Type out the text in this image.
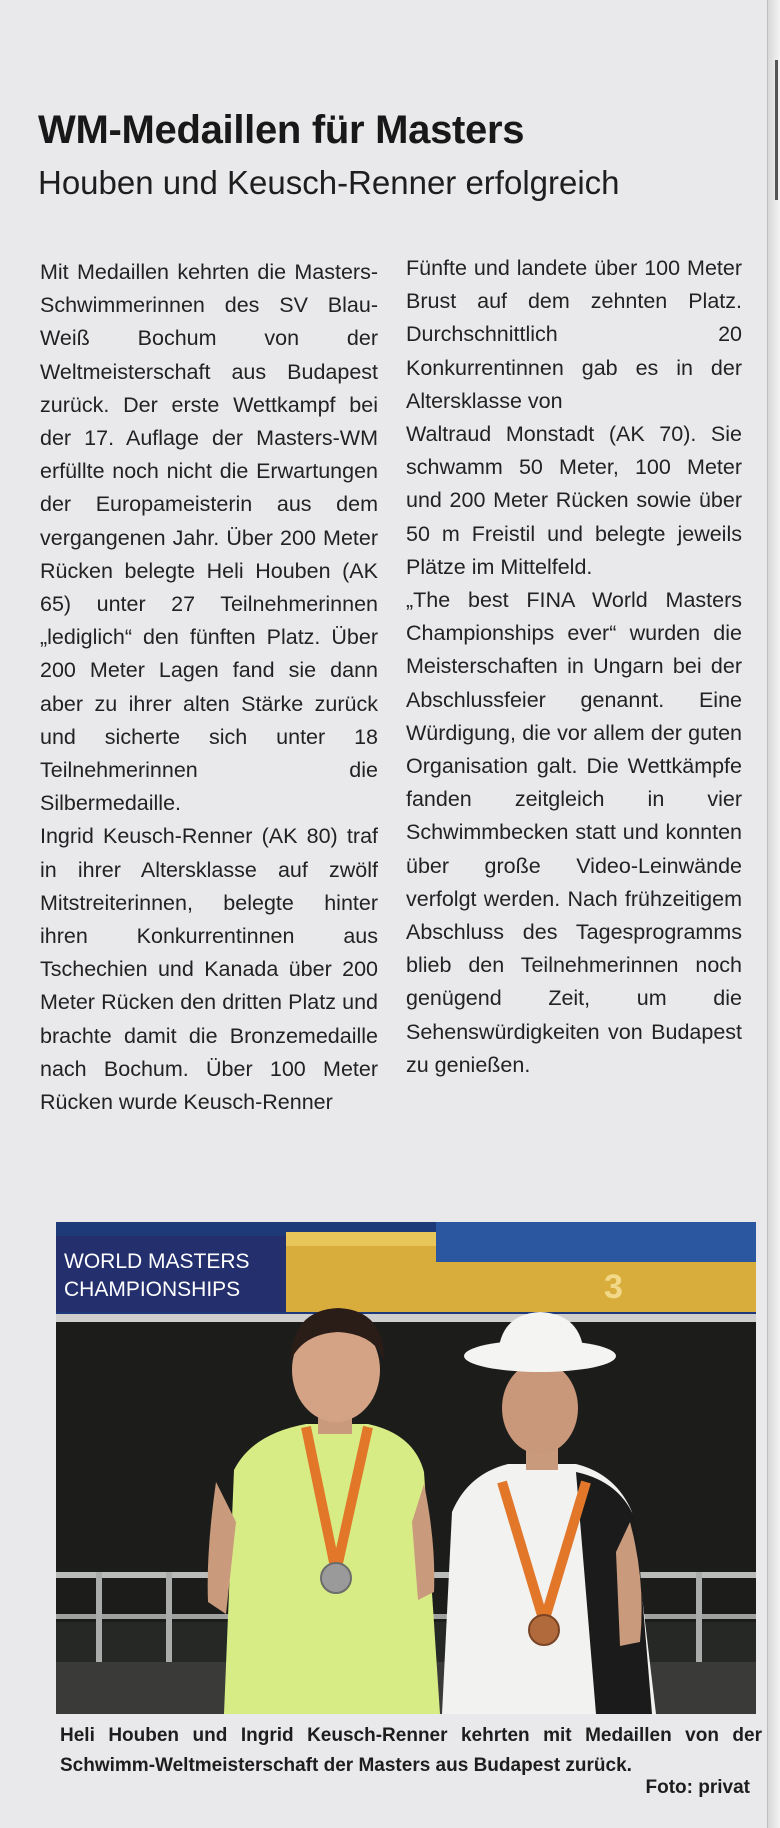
WM-Medaillen für Masters
Houben und Keusch-Renner erfolgreich

Mit Medaillen kehrten die Masters-Schwimmerinnen des SV Blau-Weiß Bochum von der Weltmeisterschaft aus Budapest zurück. Der erste Wettkampf bei der 17. Auflage der Masters-WM erfüllte noch nicht die Erwartungen der Europameisterin aus dem vergangenen Jahr. Über 200 Meter Rücken belegte Heli Houben (AK 65) unter 27 Teilnehmerinnen „lediglich“ den fünften Platz. Über 200 Meter Lagen fand sie dann aber zu ihrer alten Stärke zurück und sicherte sich unter 18 Teilnehmerinnen die Silbermedaille.

Ingrid Keusch-Renner (AK 80) traf in ihrer Altersklasse auf zwölf Mitstreiterinnen, belegte hinter ihren Konkurrentinnen aus Tschechien und Kanada über 200 Meter Rücken den dritten Platz und brachte damit die Bronzemedaille nach Bochum. Über 100 Meter Rücken wurde Keusch-Renner

Fünfte und landete über 100 Meter Brust auf dem zehnten Platz. Durchschnittlich 20 Konkurrentinnen gab es in der Altersklasse von

Waltraud Monstadt (AK 70). Sie schwamm 50 Meter, 100 Meter und 200 Meter Rücken sowie über 50 m Freistil und belegte jeweils Plätze im Mittelfeld.

„The best FINA World Masters Championships ever“ wurden die Meisterschaften in Ungarn bei der Abschlussfeier genannt. Eine Würdigung, die vor allem der guten Organisation galt. Die Wettkämpfe fanden zeitgleich in vier Schwimmbecken statt und konnten über große Video-Leinwände verfolgt werden. Nach frühzeitigem Abschluss des Tagesprogramms blieb den Teilnehmerinnen noch genügend Zeit, um die Sehenswürdigkeiten von Budapest zu genießen.

WORLD MASTERS
CHAMPIONSHIPS	3
Heli Houben und Ingrid Keusch-Renner kehrten mit Medaillen von der Schwimm-Weltmeisterschaft der Masters aus Budapest zurück.
Foto: privat
